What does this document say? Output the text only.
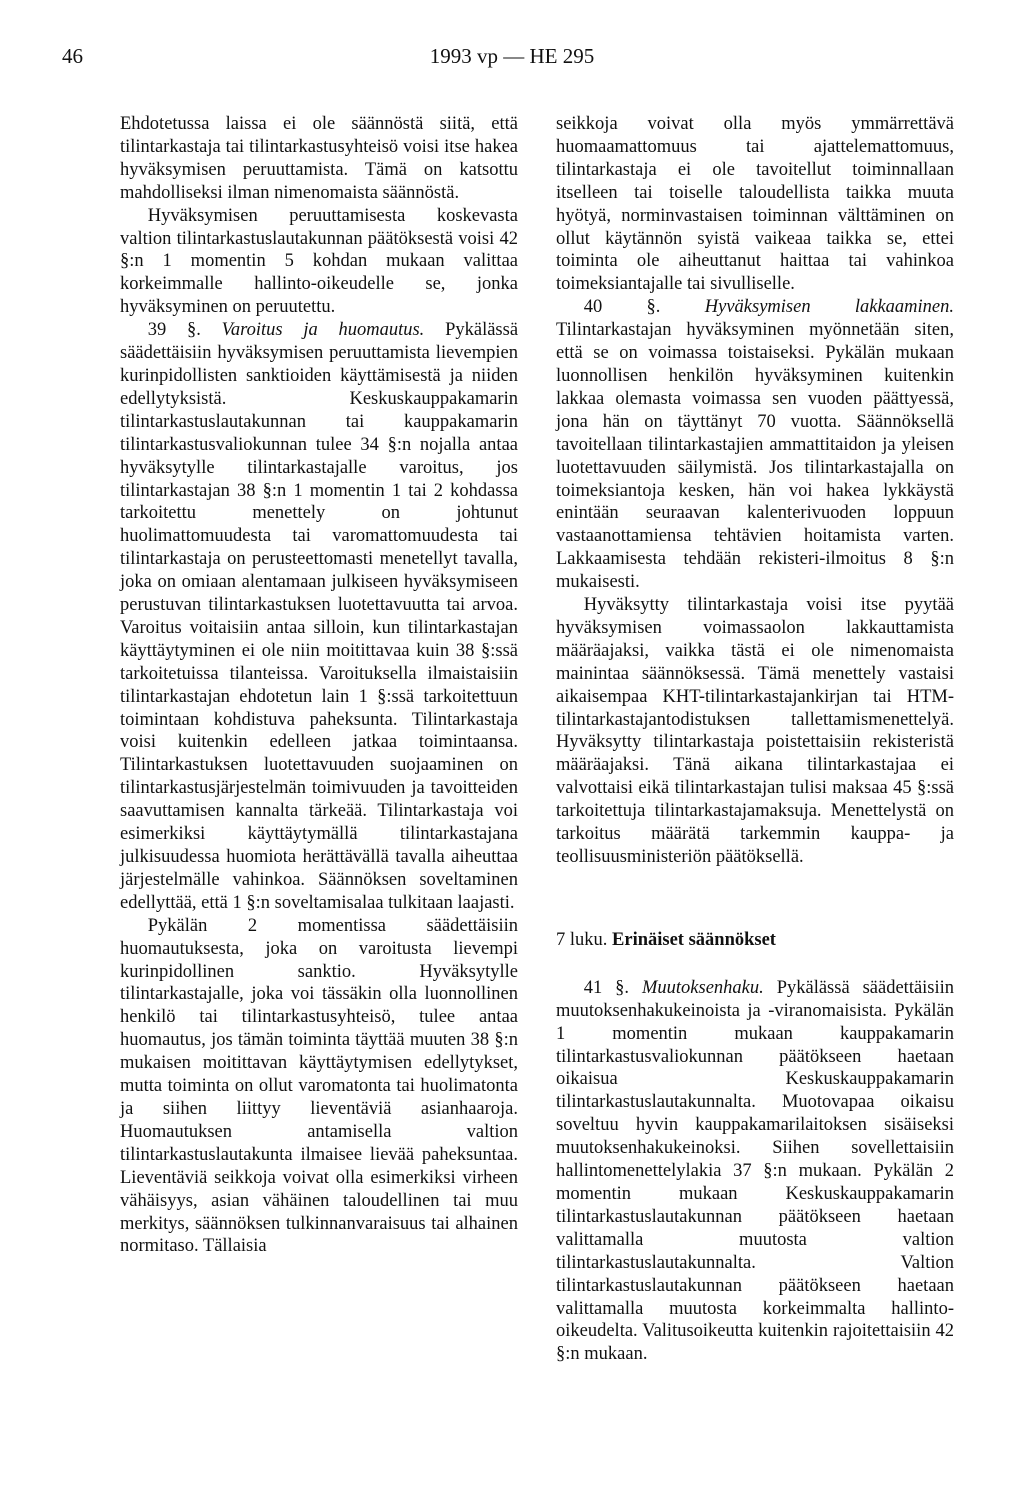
46	1993 vp — HE 295

Ehdotetussa laissa ei ole säännöstä siitä, että tilintarkastaja tai tilintarkastusyhteisö voisi itse hakea hyväksymisen peruuttamista. Tämä on katsottu mahdolliseksi ilman nimenomaista säännöstä.

Hyväksymisen peruuttamisesta koskevasta valtion tilintarkastuslautakunnan päätöksestä voisi 42 §:n 1 momentin 5 kohdan mukaan valittaa korkeimmalle hallinto-oikeudelle se, jonka hyväksyminen on peruutettu.

39 §. Varoitus ja huomautus. Pykälässä säädettäisiin hyväksymisen peruuttamista lievempien kurinpidollisten sanktioiden käyttämisestä ja niiden edellytyksistä. Keskuskauppakamarin tilintarkastuslautakunnan tai kauppakamarin tilintarkastusvaliokunnan tulee 34 §:n nojalla antaa hyväksytylle tilintarkastajalle varoitus, jos tilintarkastajan 38 §:n 1 momentin 1 tai 2 kohdassa tarkoitettu menettely on johtunut huolimattomuudesta tai varomattomuudesta tai tilintarkastaja on perusteettomasti menetellyt tavalla, joka on omiaan alentamaan julkiseen hyväksymiseen perustuvan tilintarkastuksen luotettavuutta tai arvoa. Varoitus voitaisiin antaa silloin, kun tilintarkastajan käyttäytyminen ei ole niin moitittavaa kuin 38 §:ssä tarkoitetuissa tilanteissa. Varoituksella ilmaistaisiin tilintarkastajan ehdotetun lain 1 §:ssä tarkoitettuun toimintaan kohdistuva paheksunta. Tilintarkastaja voisi kuitenkin edelleen jatkaa toimintaansa. Tilintarkastuksen luotettavuuden suojaaminen on tilintarkastusjärjestelmän toimivuuden ja tavoitteiden saavuttamisen kannalta tärkeää. Tilintarkastaja voi esimerkiksi käyttäytymällä tilintarkastajana julkisuudessa huomiota herättävällä tavalla aiheuttaa järjestelmälle vahinkoa. Säännöksen soveltaminen edellyttää, että 1 §:n soveltamisalaa tulkitaan laajasti.

Pykälän 2 momentissa säädettäisiin huomautuksesta, joka on varoitusta lievempi kurinpidollinen sanktio. Hyväksytylle tilintarkastajalle, joka voi tässäkin olla luonnollinen henkilö tai tilintarkastusyhteisö, tulee antaa huomautus, jos tämän toiminta täyttää muuten 38 §:n mukaisen moitittavan käyttäytymisen edellytykset, mutta toiminta on ollut varomatonta tai huolimatonta ja siihen liittyy lieventäviä asianhaaroja. Huomautuksen antamisella valtion tilintarkastuslautakunta ilmaisee lievää paheksuntaa. Lieventäviä seikkoja voivat olla esimerkiksi virheen vähäisyys, asian vähäinen taloudellinen tai muu merkitys, säännöksen tulkinnanvaraisuus tai alhainen normitaso. Tällaisia

seikkoja voivat olla myös ymmärrettävä huomaamattomuus tai ajattelemattomuus, tilintarkastaja ei ole tavoitellut toiminnallaan itselleen tai toiselle taloudellista taikka muuta hyötyä, norminvastaisen toiminnan välttäminen on ollut käytännön syistä vaikeaa taikka se, ettei toiminta ole aiheuttanut haittaa tai vahinkoa toimeksiantajalle tai sivulliselle.

40 §. Hyväksymisen lakkaaminen. Tilintarkastajan hyväksyminen myönnetään siten, että se on voimassa toistaiseksi. Pykälän mukaan luonnollisen henkilön hyväksyminen kuitenkin lakkaa olemasta voimassa sen vuoden päättyessä, jona hän on täyttänyt 70 vuotta. Säännöksellä tavoitellaan tilintarkastajien ammattitaidon ja yleisen luotettavuuden säilymistä. Jos tilintarkastajalla on toimeksiantoja kesken, hän voi hakea lykkäystä enintään seuraavan kalenterivuoden loppuun vastaanottamiensa tehtävien hoitamista varten. Lakkaamisesta tehdään rekisteri-ilmoitus 8 §:n mukaisesti.

Hyväksytty tilintarkastaja voisi itse pyytää hyväksymisen voimassaolon lakkauttamista määräajaksi, vaikka tästä ei ole nimenomaista mainintaa säännöksessä. Tämä menettely vastaisi aikaisempaa KHT-tilintarkastajankirjan tai HTM-tilintarkastajantodistuksen tallettamismenettelyä. Hyväksytty tilintarkastaja poistettaisiin rekisteristä määräajaksi. Tänä aikana tilintarkastajaa ei valvottaisi eikä tilintarkastajan tulisi maksaa 45 §:ssä tarkoitettuja tilintarkastajamaksuja. Menettelystä on tarkoitus määrätä tarkemmin kauppa- ja teollisuusministeriön päätöksellä.

7 luku. Erinäiset säännökset

41 §. Muutoksenhaku. Pykälässä säädettäisiin muutoksenhakukeinoista ja -viranomaisista. Pykälän 1 momentin mukaan kauppakamarin tilintarkastusvaliokunnan päätökseen haetaan oikaisua Keskuskauppakamarin tilintarkastuslautakunnalta. Muotovapaa oikaisu soveltuu hyvin kauppakamarilaitoksen sisäiseksi muutoksenhakukeinoksi. Siihen sovellettaisiin hallintomenettelylakia 37 §:n mukaan. Pykälän 2 momentin mukaan Keskuskauppakamarin tilintarkastuslautakunnan päätökseen haetaan valittamalla muutosta valtion tilintarkastuslautakunnalta. Valtion tilintarkastuslautakunnan päätökseen haetaan valittamalla muutosta korkeimmalta hallinto-oikeudelta. Valitusoikeutta kuitenkin rajoitettaisiin 42 §:n mukaan.
